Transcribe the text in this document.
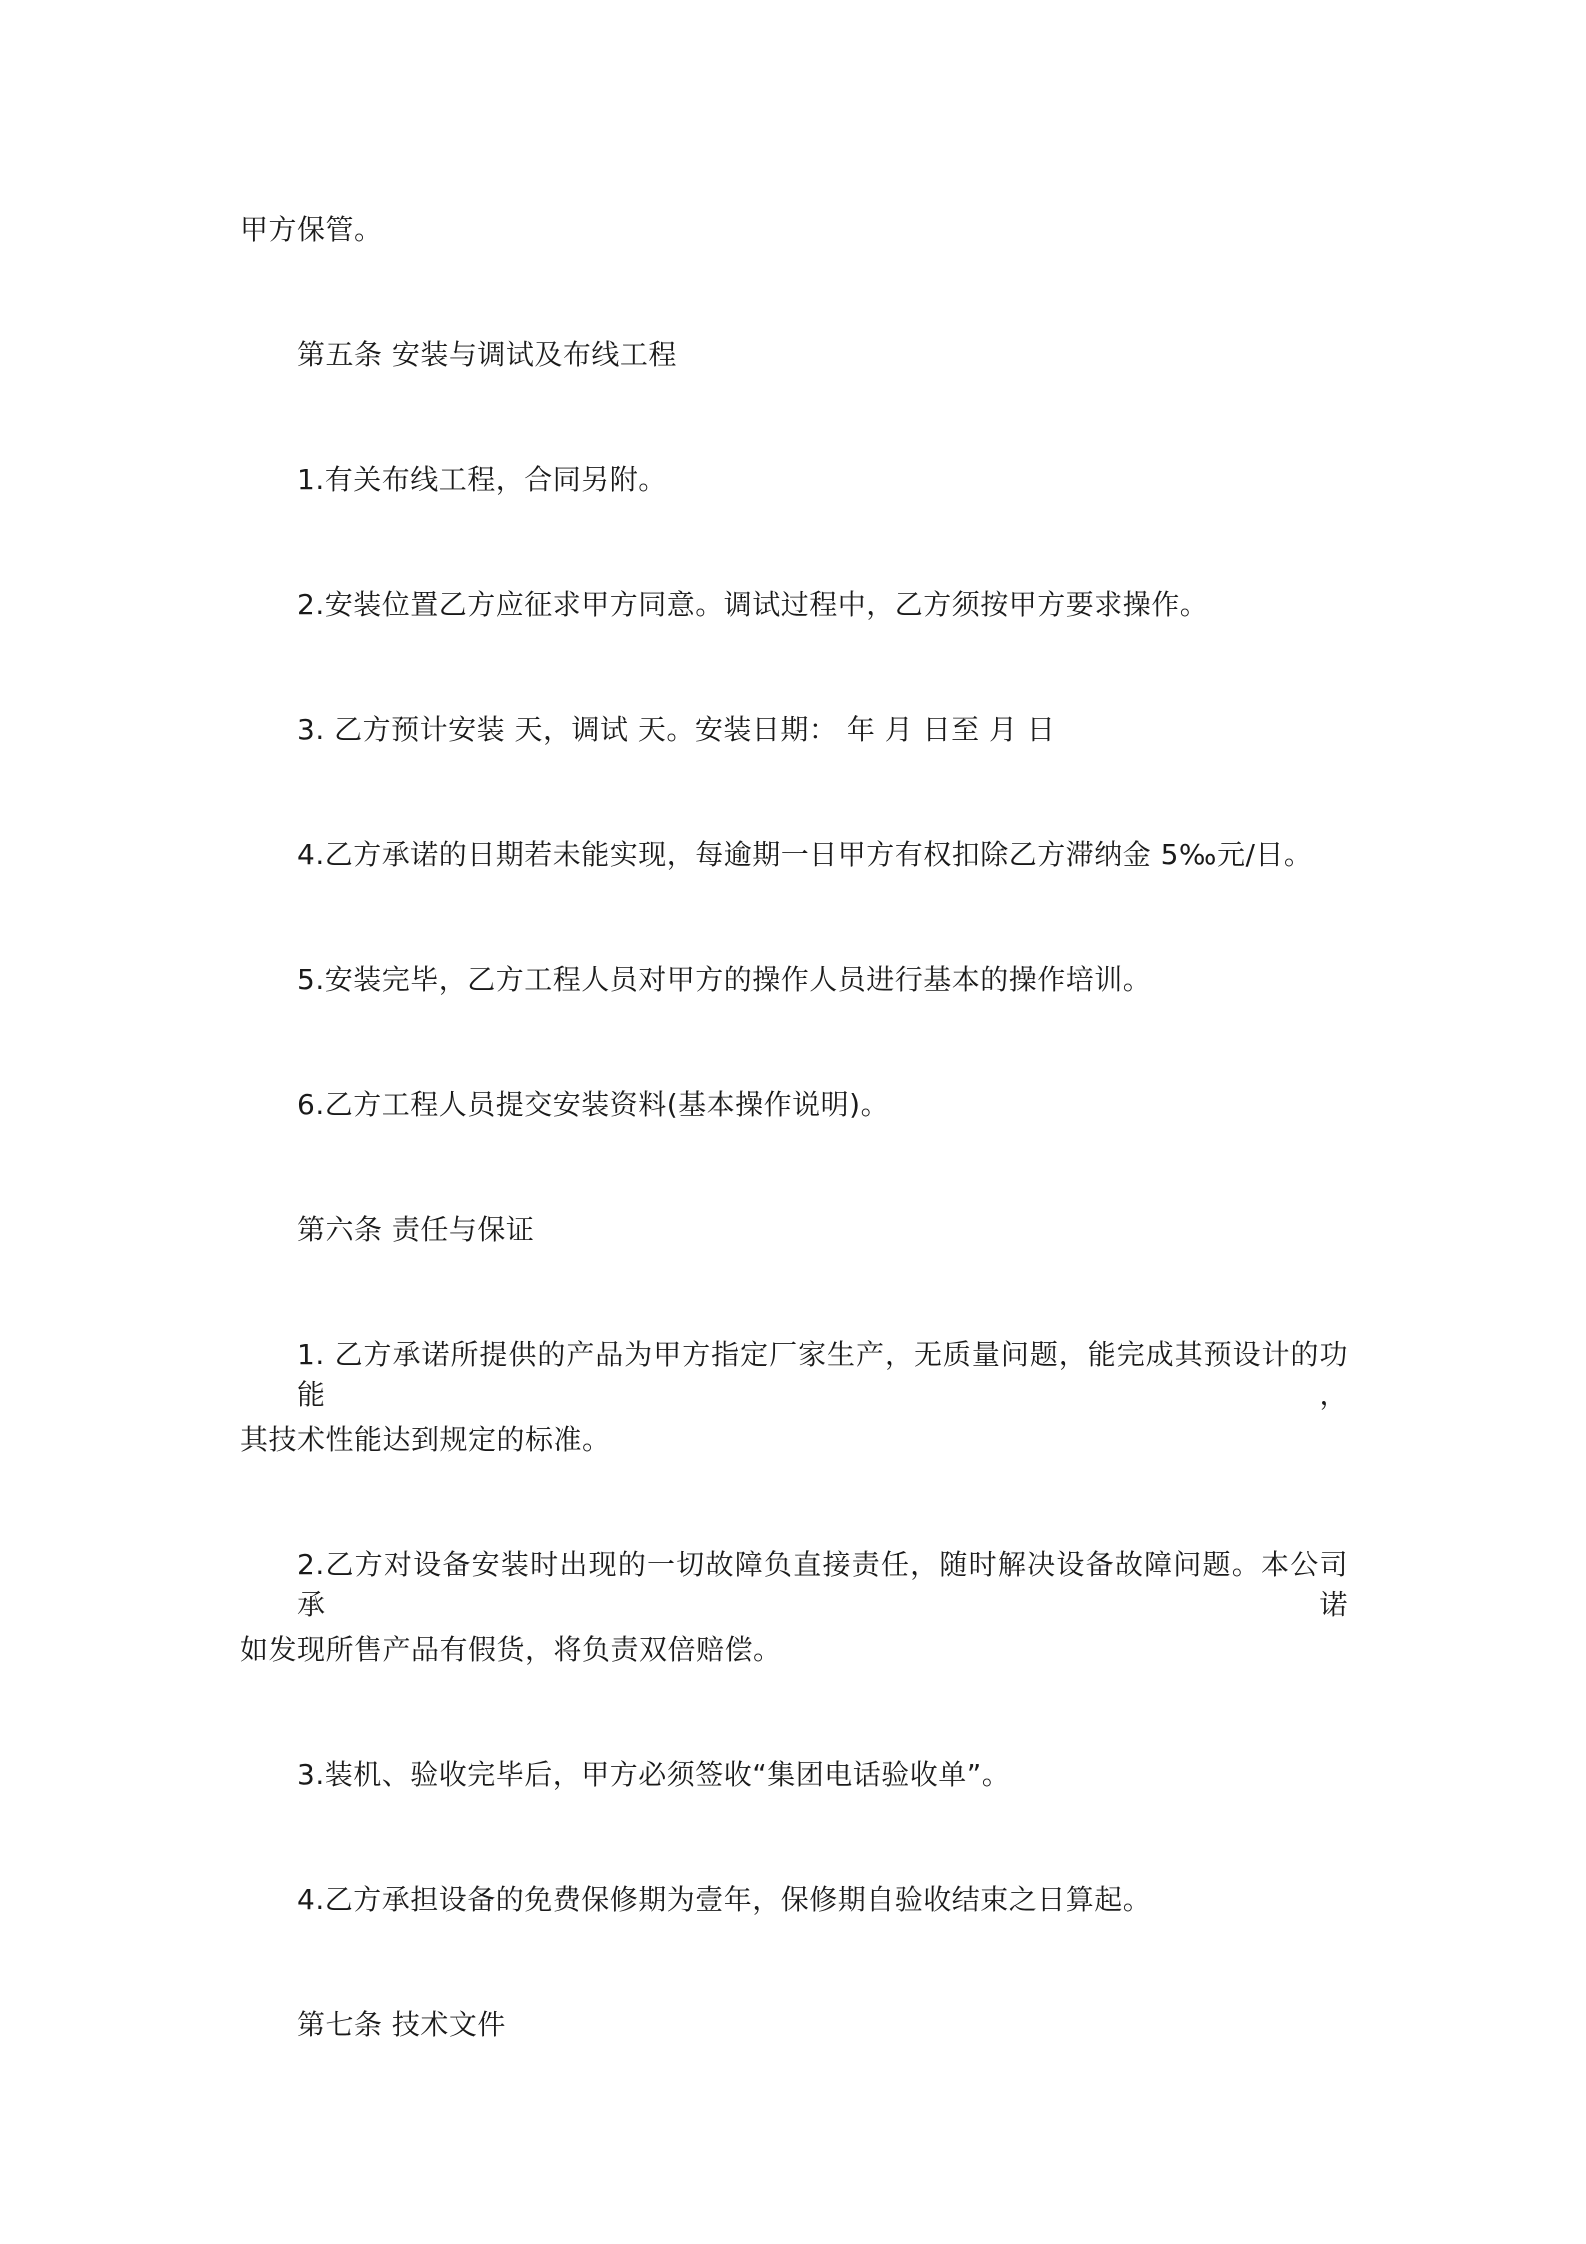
甲方保管。
第五条 安装与调试及布线工程
1.有关布线工程，合同另附。
2.安装位置乙方应征求甲方同意。调试过程中，乙方须按甲方要求操作。
3. 乙方预计安装 天，调试 天。安装日期： 年 月 日至 月 日
4.乙方承诺的日期若未能实现，每逾期一日甲方有权扣除乙方滞纳金 5‰元/日。
5.安装完毕，乙方工程人员对甲方的操作人员进行基本的操作培训。
6.乙方工程人员提交安装资料(基本操作说明)。
第六条 责任与保证
1. 乙方承诺所提供的产品为甲方指定厂家生产，无质量问题，能完成其预设计的功能，
其技术性能达到规定的标准。
2.乙方对设备安装时出现的一切故障负直接责任，随时解决设备故障问题。本公司承诺
如发现所售产品有假货，将负责双倍赔偿。
3.装机、验收完毕后，甲方必须签收“集团电话验收单”。
4.乙方承担设备的免费保修期为壹年，保修期自验收结束之日算起。
第七条 技术文件
